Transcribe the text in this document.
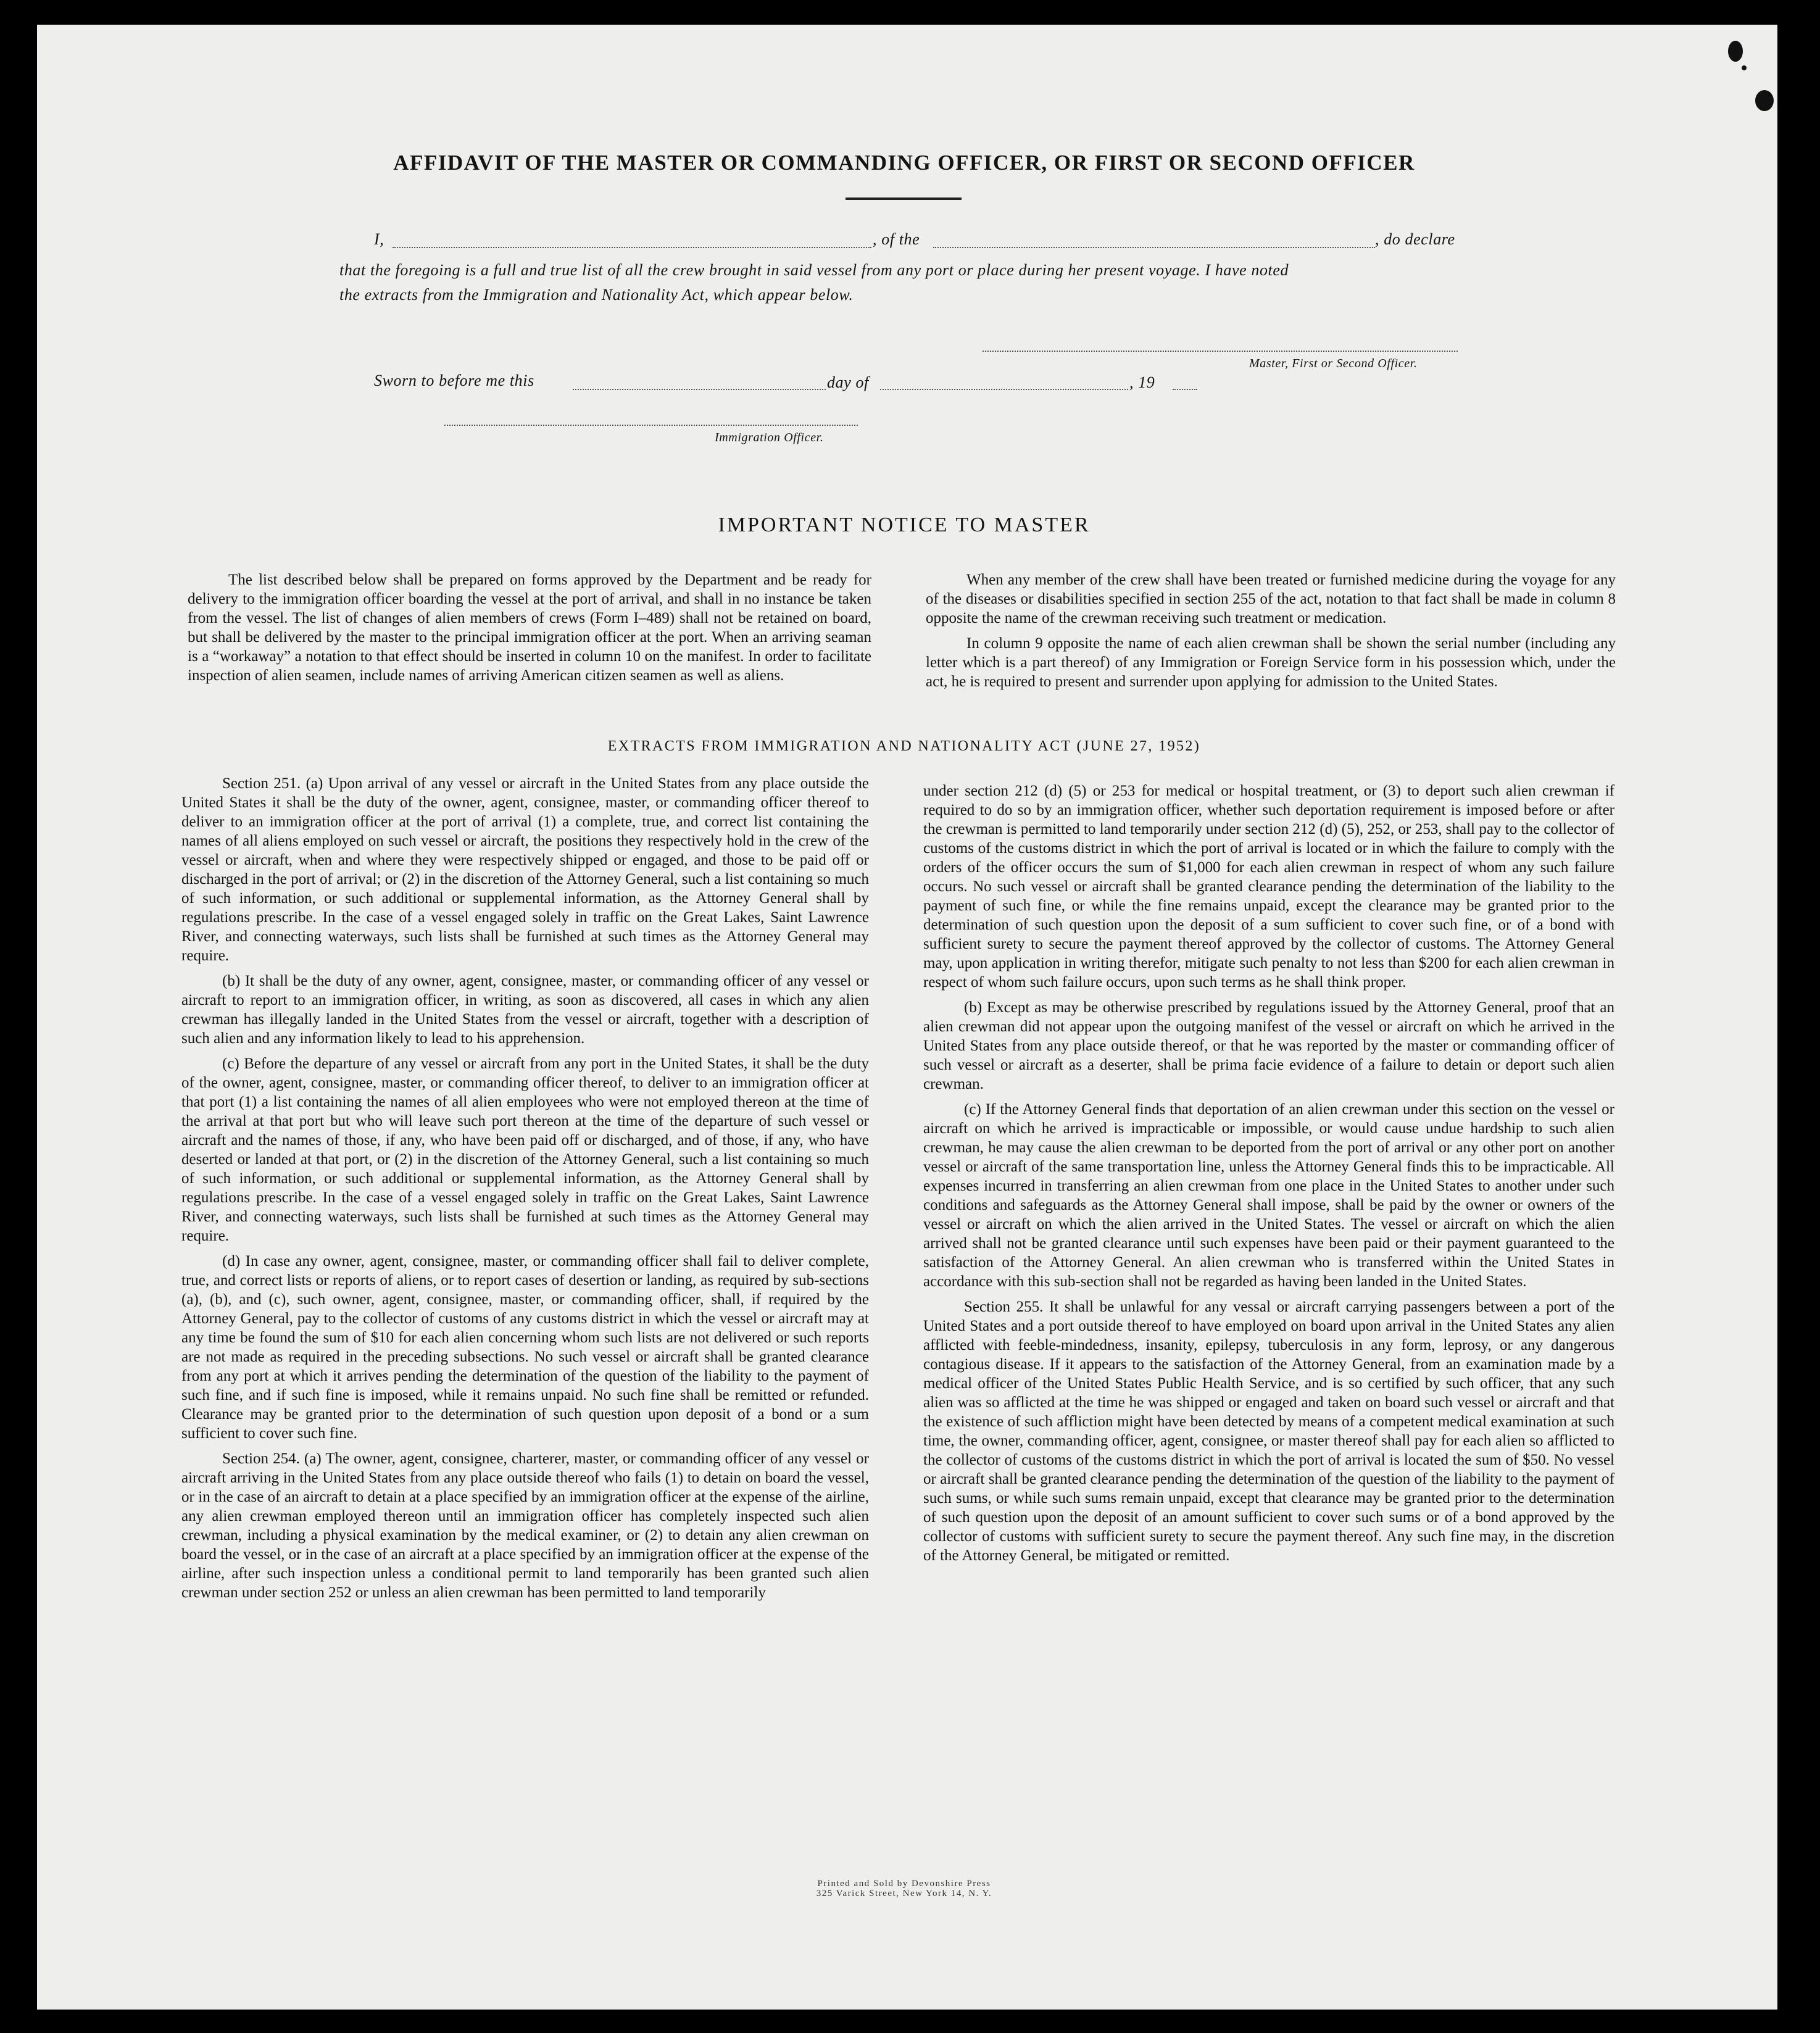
AFFIDAVIT OF THE MASTER OR COMMANDING OFFICER, OR FIRST OR SECOND OFFICER
I,	, of the	, do declare
that the foregoing is a full and true list of all the crew brought in said vessel from any port or place during her present voyage. I have noted
the extracts from the Immigration and Nationality Act, which appear below.
Master, First or Second Officer.
Sworn to before me this	day of	, 19
Immigration Officer.
IMPORTANT NOTICE TO MASTER

The list described below shall be prepared on forms approved by the Department and be ready for delivery to the immigration officer boarding the vessel at the port of arrival, and shall in no instance be taken from the vessel. The list of changes of alien members of crews (Form I–489) shall not be retained on board, but shall be delivered by the master to the principal immigration officer at the port. When an arriving seaman is a “workaway” a notation to that effect should be inserted in column 10 on the manifest. In order to facilitate inspection of alien seamen, include names of arriving American citizen seamen as well as aliens.

When any member of the crew shall have been treated or furnished medicine during the voyage for any of the diseases or disabilities specified in section 255 of the act, notation to that fact shall be made in column 8 opposite the name of the crewman receiving such treatment or medication.

In column 9 opposite the name of each alien crewman shall be shown the serial number (including any letter which is a part thereof) of any Immigration or Foreign Service form in his possession which, under the act, he is required to present and surrender upon applying for admission to the United States.

EXTRACTS FROM IMMIGRATION AND NATIONALITY ACT (JUNE 27, 1952)

Section 251. (a) Upon arrival of any vessel or aircraft in the United States from any place outside the United States it shall be the duty of the owner, agent, consignee, master, or commanding officer thereof to deliver to an immigration officer at the port of arrival (1) a complete, true, and correct list containing the names of all aliens employed on such vessel or aircraft, the positions they respectively hold in the crew of the vessel or aircraft, when and where they were respectively shipped or engaged, and those to be paid off or discharged in the port of arrival; or (2) in the discretion of the Attorney General, such a list containing so much of such information, or such additional or supplemental information, as the Attorney General shall by regulations prescribe. In the case of a vessel engaged solely in traffic on the Great Lakes, Saint Lawrence River, and connecting waterways, such lists shall be furnished at such times as the Attorney General may require.

(b) It shall be the duty of any owner, agent, consignee, master, or commanding officer of any vessel or aircraft to report to an immigration officer, in writing, as soon as discovered, all cases in which any alien crewman has illegally landed in the United States from the vessel or aircraft, together with a description of such alien and any information likely to lead to his apprehension.

(c) Before the departure of any vessel or aircraft from any port in the United States, it shall be the duty of the owner, agent, consignee, master, or commanding officer thereof, to deliver to an immigration officer at that port (1) a list containing the names of all alien employees who were not employed thereon at the time of the arrival at that port but who will leave such port thereon at the time of the departure of such vessel or aircraft and the names of those, if any, who have been paid off or discharged, and of those, if any, who have deserted or landed at that port, or (2) in the discretion of the Attorney General, such a list containing so much of such information, or such additional or supplemental information, as the Attorney General shall by regulations prescribe. In the case of a vessel engaged solely in traffic on the Great Lakes, Saint Lawrence River, and connecting waterways, such lists shall be furnished at such times as the Attorney General may require.

(d) In case any owner, agent, consignee, master, or commanding officer shall fail to deliver complete, true, and correct lists or reports of aliens, or to report cases of desertion or landing, as required by sub-sections (a), (b), and (c), such owner, agent, consignee, master, or commanding officer, shall, if required by the Attorney General, pay to the collector of customs of any customs district in which the vessel or aircraft may at any time be found the sum of $10 for each alien concerning whom such lists are not delivered or such reports are not made as required in the preceding subsections. No such vessel or aircraft shall be granted clearance from any port at which it arrives pending the determination of the question of the liability to the payment of such fine, and if such fine is imposed, while it remains unpaid. No such fine shall be remitted or refunded. Clearance may be granted prior to the determination of such question upon deposit of a bond or a sum sufficient to cover such fine.

Section 254. (a) The owner, agent, consignee, charterer, master, or commanding officer of any vessel or aircraft arriving in the United States from any place outside thereof who fails (1) to detain on board the vessel, or in the case of an aircraft to detain at a place specified by an immigration officer at the expense of the airline, any alien crewman employed thereon until an immigration officer has completely inspected such alien crewman, including a physical examination by the medical examiner, or (2) to detain any alien crewman on board the vessel, or in the case of an aircraft at a place specified by an immigration officer at the expense of the airline, after such inspection unless a conditional permit to land temporarily has been granted such alien crewman under section 252 or unless an alien crewman has been permitted to land temporarily

under section 212 (d) (5) or 253 for medical or hospital treatment, or (3) to deport such alien crewman if required to do so by an immigration officer, whether such deportation requirement is imposed before or after the crewman is permitted to land temporarily under section 212 (d) (5), 252, or 253, shall pay to the collector of customs of the customs district in which the port of arrival is located or in which the failure to comply with the orders of the officer occurs the sum of $1,000 for each alien crewman in respect of whom any such failure occurs. No such vessel or aircraft shall be granted clearance pending the determination of the liability to the payment of such fine, or while the fine remains unpaid, except the clearance may be granted prior to the determination of such question upon the deposit of a sum sufficient to cover such fine, or of a bond with sufficient surety to secure the payment thereof approved by the collector of customs. The Attorney General may, upon application in writing therefor, mitigate such penalty to not less than $200 for each alien crewman in respect of whom such failure occurs, upon such terms as he shall think proper.

(b) Except as may be otherwise prescribed by regulations issued by the Attorney General, proof that an alien crewman did not appear upon the outgoing manifest of the vessel or aircraft on which he arrived in the United States from any place outside thereof, or that he was reported by the master or commanding officer of such vessel or aircraft as a deserter, shall be prima facie evidence of a failure to detain or deport such alien crewman.

(c) If the Attorney General finds that deportation of an alien crewman under this section on the vessel or aircraft on which he arrived is impracticable or impossible, or would cause undue hardship to such alien crewman, he may cause the alien crewman to be deported from the port of arrival or any other port on another vessel or aircraft of the same transportation line, unless the Attorney General finds this to be impracticable. All expenses incurred in transferring an alien crewman from one place in the United States to another under such conditions and safeguards as the Attorney General shall impose, shall be paid by the owner or owners of the vessel or aircraft on which the alien arrived in the United States. The vessel or aircraft on which the alien arrived shall not be granted clearance until such expenses have been paid or their payment guaranteed to the satisfaction of the Attorney General. An alien crewman who is transferred within the United States in accordance with this sub-section shall not be regarded as having been landed in the United States.

Section 255. It shall be unlawful for any vessal or aircraft carrying passengers between a port of the United States and a port outside thereof to have employed on board upon arrival in the United States any alien afflicted with feeble-mindedness, insanity, epilepsy, tuberculosis in any form, leprosy, or any dangerous contagious disease. If it appears to the satisfaction of the Attorney General, from an examination made by a medical officer of the United States Public Health Service, and is so certified by such officer, that any such alien was so afflicted at the time he was shipped or engaged and taken on board such vessel or aircraft and that the existence of such affliction might have been detected by means of a competent medical examination at such time, the owner, commanding officer, agent, consignee, or master thereof shall pay for each alien so afflicted to the collector of customs of the customs district in which the port of arrival is located the sum of $50. No vessel or aircraft shall be granted clearance pending the determination of the question of the liability to the payment of such sums, or while such sums remain unpaid, except that clearance may be granted prior to the determination of such question upon the deposit of an amount sufficient to cover such sums or of a bond approved by the collector of customs with sufficient surety to secure the payment thereof. Any such fine may, in the discretion of the Attorney General, be mitigated or remitted.

Printed and Sold by Devonshire Press
325 Varick Street, New York 14, N. Y.
